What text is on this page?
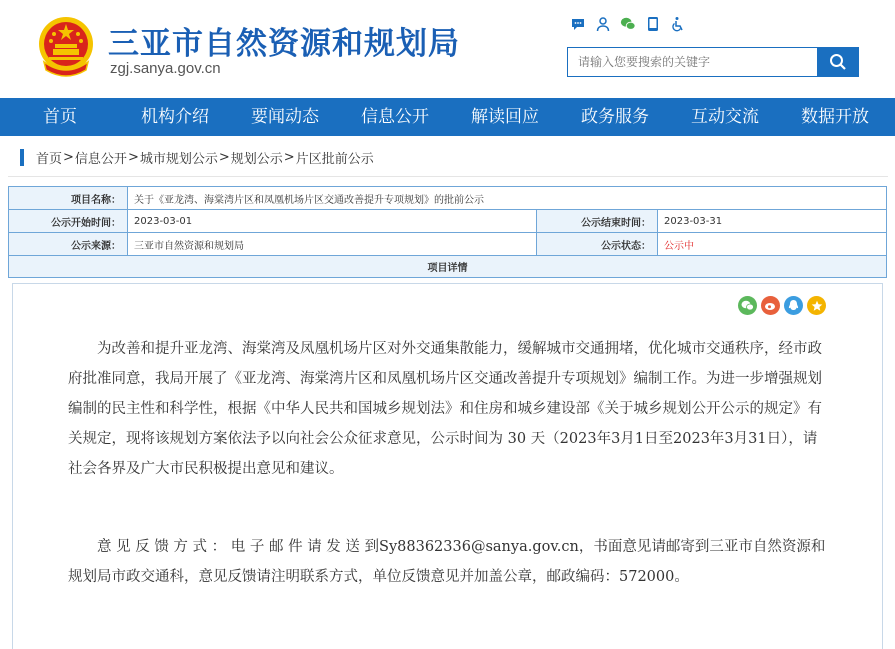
三亚市自然资源和规划局
zgj.sanya.gov.cn
请输入您要搜索的关键字
首页	机构介绍	要闻动态	信息公开	解读回应	政务服务	互动交流	数据开放
首页 > 信息公开 > 城市规划公示 > 规划公示 > 片区批前公示
项目名称：	关于《亚龙湾、海棠湾片区和凤凰机场片区交通改善提升专项规划》的批前公示		
公示开始时间：	2023-03-01	公示结束时间：	2023-03-31
公示来源：	三亚市自然资源和规划局	公示状态：	公示中
项目详情			

为改善和提升亚龙湾、海棠湾及凤凰机场片区对外交通集散能力，缓解城市交通拥堵，优化城市交通秩序，经市政府批准同意，我局开展了《亚龙湾、海棠湾片区和凤凰机场片区交通改善提升专项规划》编制工作。为进一步增强规划编制的民主性和科学性，根据《中华人民共和国城乡规划法》和住房和城乡建设部《关于城乡规划公开公示的规定》有关规定，现将该规划方案依法予以向社会公众征求意见，公示时间为 30 天（2023年3月1日至2023年3月31日），请社会各界及广大市民积极提出意见和建议。

意 见 反 馈 方 式 ： 电 子 邮 件 请 发 送 到Sy88362336@sanya.gov.cn，书面意见请邮寄到三亚市自然资源和规划局市政交通科，意见反馈请注明联系方式，单位反馈意见并加盖公章，邮政编码：572000。
